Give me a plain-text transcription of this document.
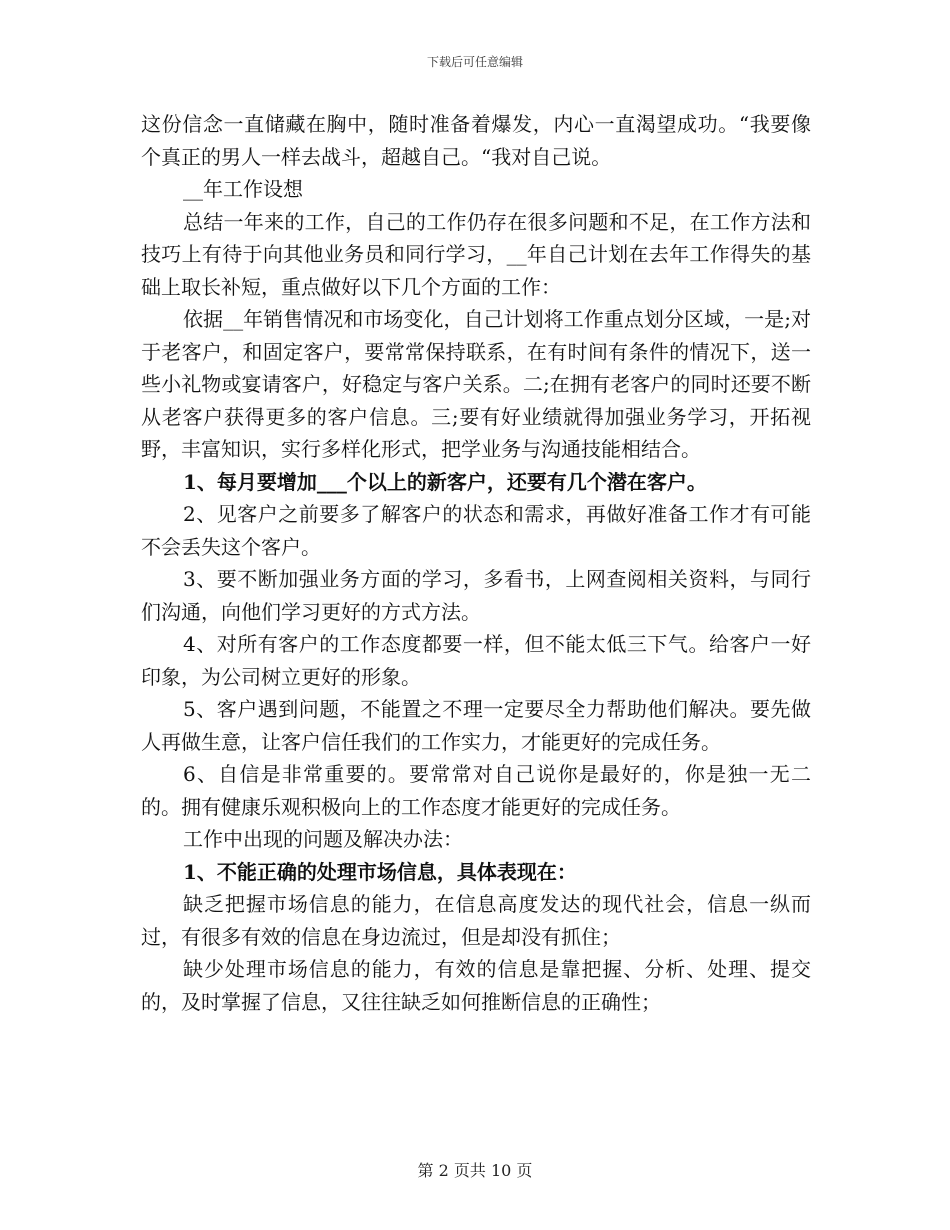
下载后可任意编辑

这份信念一直储藏在胸中，随时准备着爆发，内心一直渴望成功。“我要像个真正的男人一样去战斗，超越自己。“我对自己说。

__年工作设想

总结一年来的工作，自己的工作仍存在很多问题和不足，在工作方法和技巧上有待于向其他业务员和同行学习，__年自己计划在去年工作得失的基础上取长补短，重点做好以下几个方面的工作：

依据__年销售情况和市场变化，自己计划将工作重点划分区域，一是;对于老客户，和固定客户，要常常保持联系，在有时间有条件的情况下，送一些小礼物或宴请客户，好稳定与客户关系。二;在拥有老客户的同时还要不断从老客户获得更多的客户信息。三;要有好业绩就得加强业务学习，开拓视野，丰富知识，实行多样化形式，把学业务与沟通技能相结合。

1、每月要增加___个以上的新客户，还要有几个潜在客户。

2、见客户之前要多了解客户的状态和需求，再做好准备工作才有可能不会丢失这个客户。

3、要不断加强业务方面的学习，多看书，上网查阅相关资料，与同行们沟通，向他们学习更好的方式方法。

4、对所有客户的工作态度都要一样，但不能太低三下气。给客户一好印象，为公司树立更好的形象。

5、客户遇到问题，不能置之不理一定要尽全力帮助他们解决。要先做人再做生意，让客户信任我们的工作实力，才能更好的完成任务。

6、自信是非常重要的。要常常对自己说你是最好的，你是独一无二的。拥有健康乐观积极向上的工作态度才能更好的完成任务。

工作中出现的问题及解决办法：

1、不能正确的处理市场信息，具体表现在：

缺乏把握市场信息的能力，在信息高度发达的现代社会，信息一纵而过，有很多有效的信息在身边流过，但是却没有抓住；

缺少处理市场信息的能力，有效的信息是靠把握、分析、处理、提交的，及时掌握了信息，又往往缺乏如何推断信息的正确性；

第 2 页共 10 页
